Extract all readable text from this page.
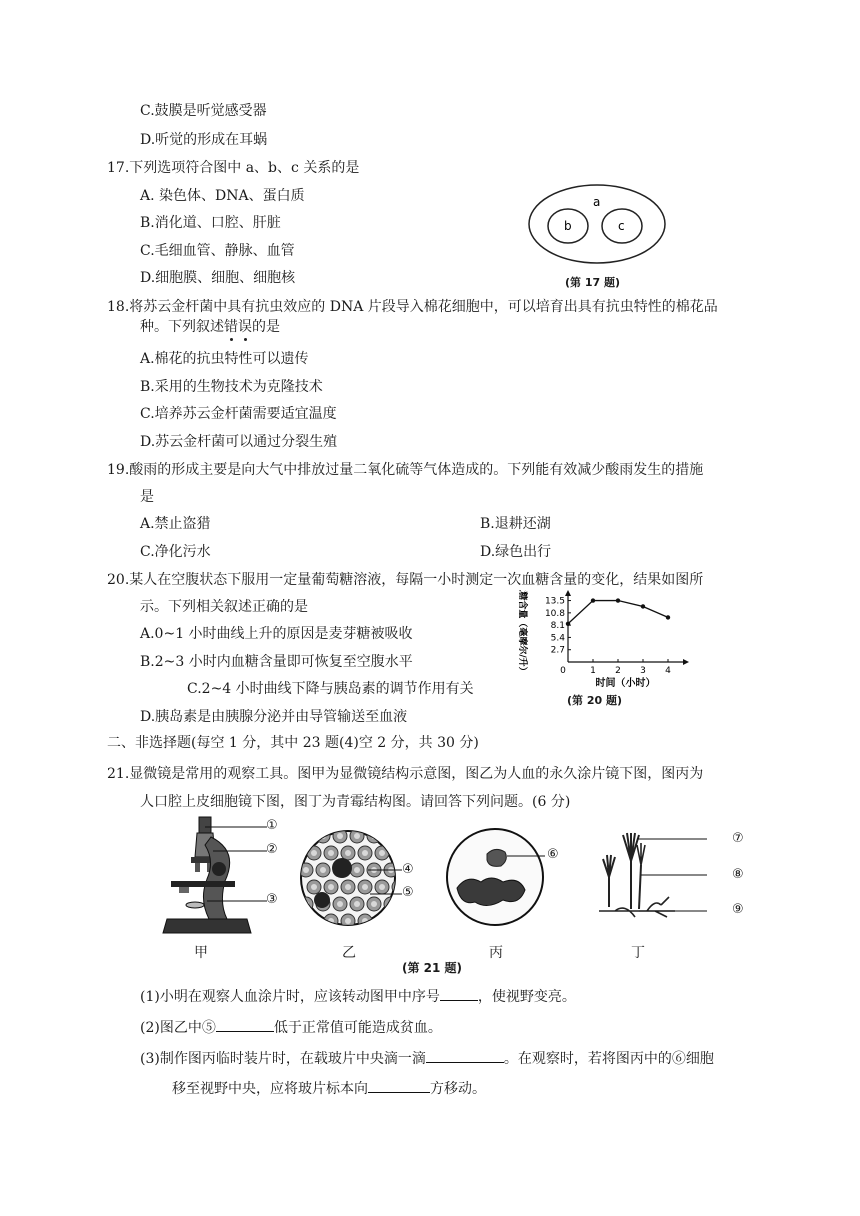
C.鼓膜是听觉感受器
D.听觉的形成在耳蜗
17.下列选项符合图中 a、b、c 关系的是
A. 染色体、DNA、蛋白质
B.消化道、口腔、肝脏
C.毛细血管、静脉、血管
D.细胞膜、细胞、细胞核
a
b	c
(第 17 题)
18.将苏云金杆菌中具有抗虫效应的 DNA 片段导入棉花细胞中，可以培育出具有抗虫特性的棉花品
种。下列叙述错误的是
A.棉花的抗虫特性可以遗传
B.采用的生物技术为克隆技术
C.培养苏云金杆菌需要适宜温度
D.苏云金杆菌可以通过分裂生殖
19.酸雨的形成主要是向大气中排放过量二氧化硫等气体造成的。下列能有效减少酸雨发生的措施
是
A.禁止盗猎	B.退耕还湖
C.净化污水	D.绿色出行
20.某人在空腹状态下服用一定量葡萄糖溶液，每隔一小时测定一次血糖含量的变化，结果如图所
示。下列相关叙述正确的是
A.0~1 小时曲线上升的原因是麦芽糖被吸收
B.2~3 小时内血糖含量即可恢复至空腹水平
C.2~4 小时曲线下降与胰岛素的调节作用有关
D.胰岛素是由胰腺分泌并由导管输送至血液
13.5
10.8
8.1
5.4
2.7
0	1 2 3 4
血糖含量（毫摩尔/升）
时间（小时）
(第 20 题)
二、非选择题(每空 1 分，其中 23 题(4)空 2 分，共 30 分)
21.显微镜是常用的观察工具。图甲为显微镜结构示意图，图乙为人血的永久涂片镜下图，图丙为
人口腔上皮细胞镜下图，图丁为青霉结构图。请回答下列问题。(6 分)
①
②
③
④
⑤
⑥
⑦
⑧
⑨
甲	乙	丙	丁
(第 21 题)
(1)小明在观察人血涂片时，应该转动图甲中序号	，使视野变亮。
(2)图乙中⑤	低于正常值可能造成贫血。
(3)制作图丙临时装片时，在载玻片中央滴一滴	。在观察时，若将图丙中的⑥细胞
移至视野中央，应将玻片标本向	方移动。
